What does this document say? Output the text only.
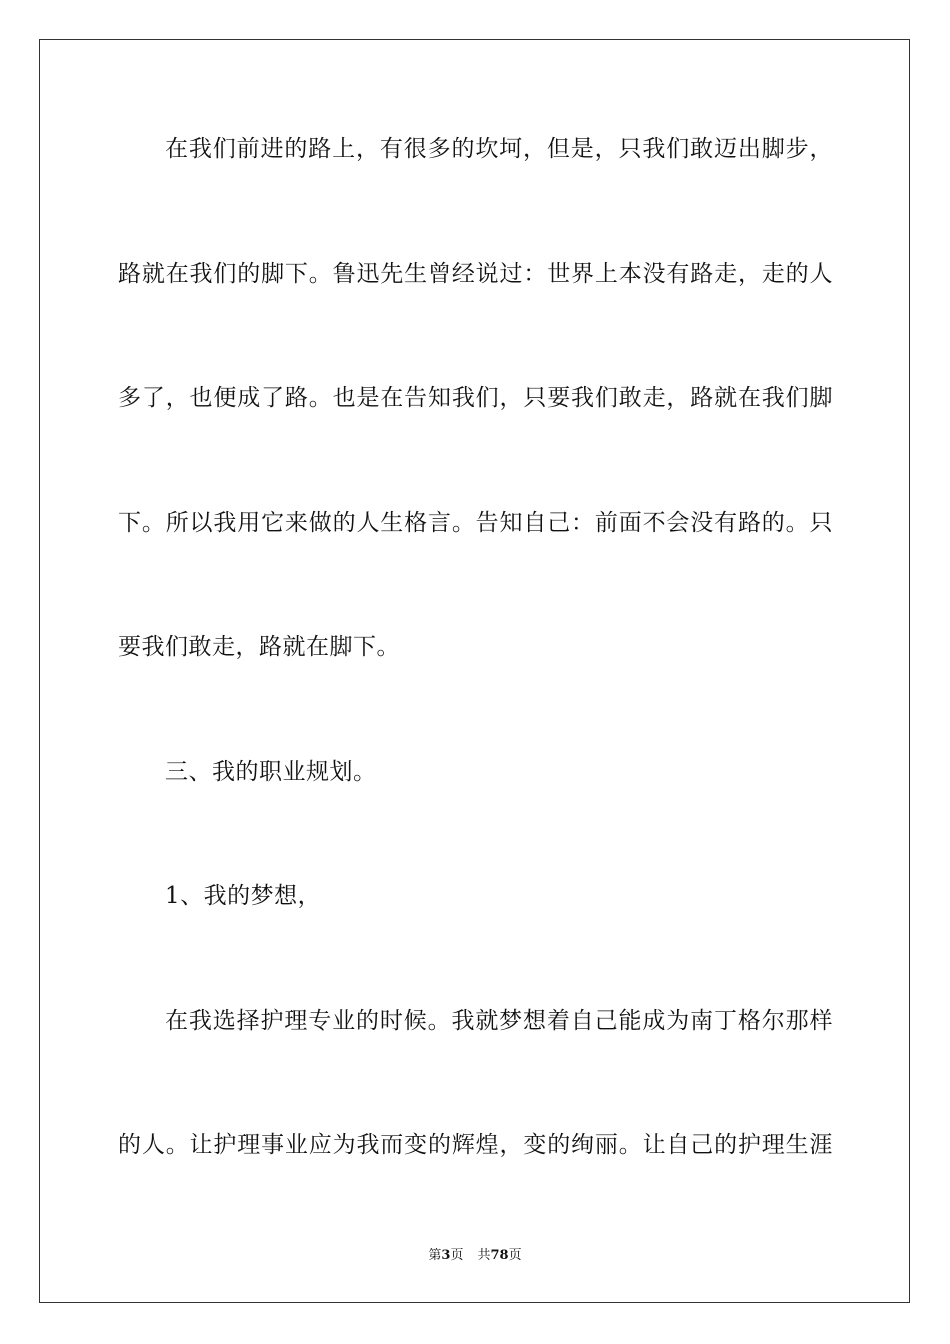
在我们前进的路上，有很多的坎坷，但是，只我们敢迈出脚步，
路就在我们的脚下。鲁迅先生曾经说过：世界上本没有路走，走的人
多了，也便成了路。也是在告知我们，只要我们敢走，路就在我们脚
下。所以我用它来做的人生格言。告知自己：前面不会没有路的。只
要我们敢走，路就在脚下。
三、我的职业规划。
1、我的梦想，
在我选择护理专业的时候。我就梦想着自己能成为南丁格尔那样
的人。让护理事业应为我而变的辉煌，变的绚丽。让自己的护理生涯
第3页 共78页
